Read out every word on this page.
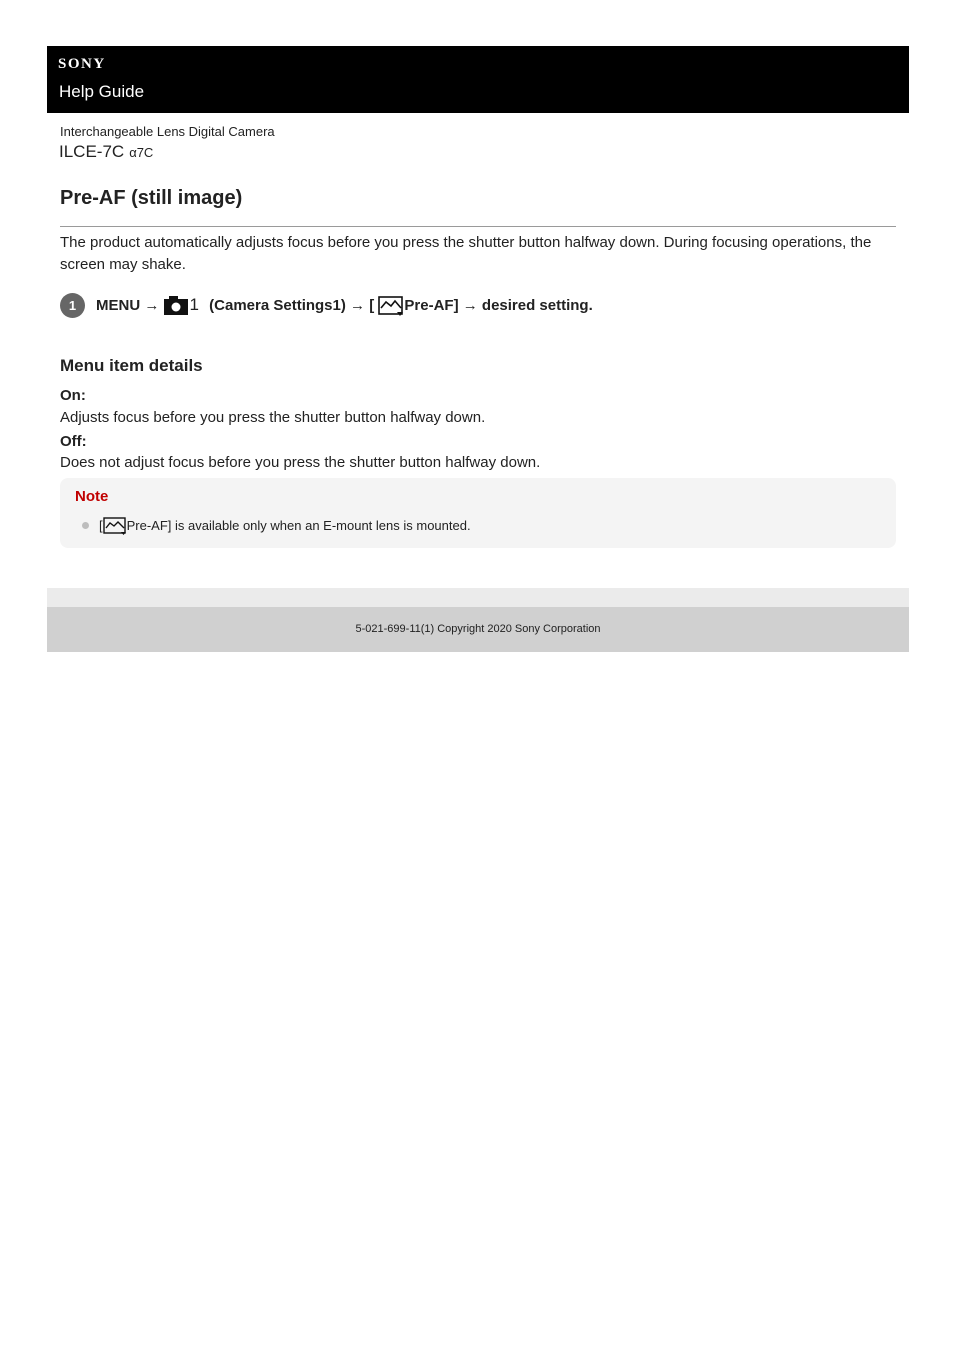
SONY
Help Guide
Interchangeable Lens Digital Camera
ILCE-7C α7C
Pre-AF (still image)

The product automatically adjusts focus before you press the shutter button halfway down. During focusing operations, the screen may shake.

1	MENU → 1 (Camera Settings1) → [ Pre-AF] → desired setting.
Menu item details
On:
Adjusts focus before you press the shutter button halfway down.
Off:
Does not adjust focus before you press the shutter button halfway down.
Note
[ Pre-AF] is available only when an E-mount lens is mounted.
5-021-699-11(1) Copyright 2020 Sony Corporation
